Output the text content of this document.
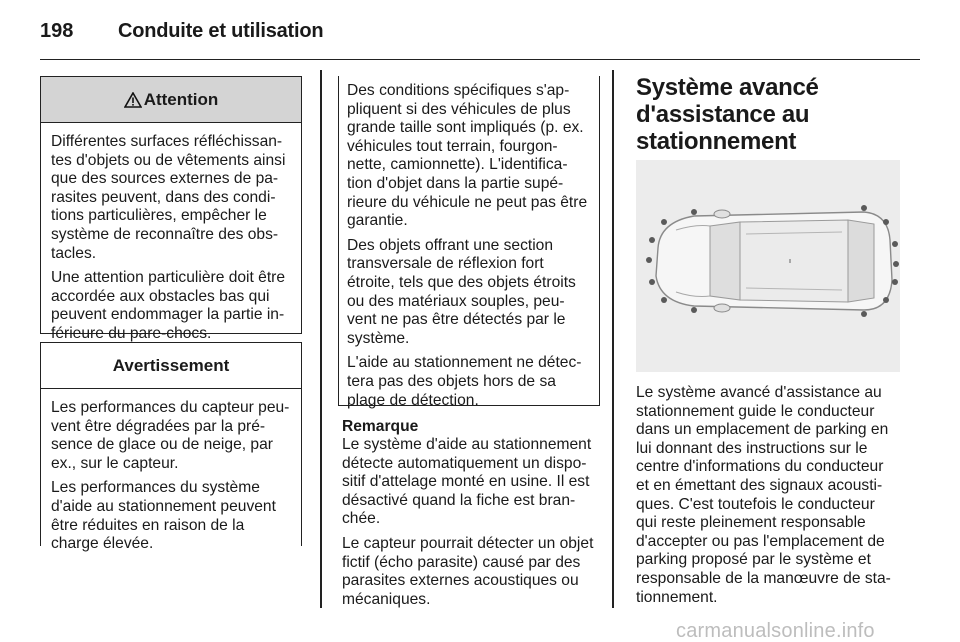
198 Conduite et utilisation
Attention

Différentes surfaces réfléchissan-
tes d'objets ou de vêtements ainsi
que des sources externes de pa-
rasites peuvent, dans des condi-
tions particulières, empêcher le
système de reconnaître des obs-
tacles.

Une attention particulière doit être
accordée aux obstacles bas qui
peuvent endommager la partie in-
férieure du pare-chocs.

Avertissement

Les performances du capteur peu-
vent être dégradées par la pré-
sence de glace ou de neige, par
ex., sur le capteur.

Les performances du système
d'aide au stationnement peuvent
être réduites en raison de la
charge élevée.

Des conditions spécifiques s'ap-
pliquent si des véhicules de plus
grande taille sont impliqués (p. ex.
véhicules tout terrain, fourgon-
nette, camionnette). L'identifica-
tion d'objet dans la partie supé-
rieure du véhicule ne peut pas être
garantie.

Des objets offrant une section
transversale de réflexion fort
étroite, tels que des objets étroits
ou des matériaux souples, peu-
vent ne pas être détectés par le
système.

L'aide au stationnement ne détec-
tera pas des objets hors de sa
plage de détection.

Remarque

Le système d'aide au stationnement
détecte automatiquement un dispo-
sitif d'attelage monté en usine. Il est
désactivé quand la fiche est bran-
chée.

Le capteur pourrait détecter un objet
fictif (écho parasite) causé par des
parasites externes acoustiques ou
mécaniques.

Système avancé
d'assistance au
stationnement

Le système avancé d'assistance au
stationnement guide le conducteur
dans un emplacement de parking en
lui donnant des instructions sur le
centre d'informations du conducteur
et en émettant des signaux acousti-
ques. C'est toutefois le conducteur
qui reste pleinement responsable
d'accepter ou pas l'emplacement de
parking proposé par le système et
responsable de la manœuvre de sta-
tionnement.

carmanualsonline.info
